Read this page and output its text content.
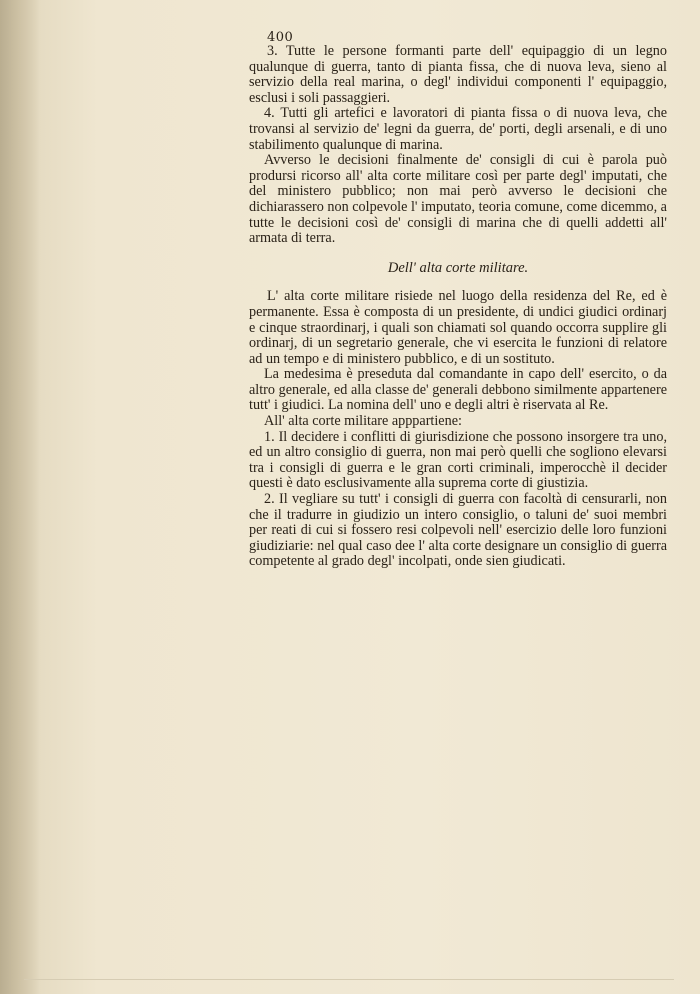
400

3. Tutte le persone formanti parte dell' equipaggio di un legno qualunque di guerra, tanto di pianta fissa, che di nuova leva, sieno al servizio della real marina, o degl' individui componenti l' equipaggio, esclusi i soli passaggieri.

4. Tutti gli artefici e lavoratori di pianta fissa o di nuova leva, che trovansi al servizio de' legni da guerra, de' porti, degli arsenali, e di uno stabilimento qualunque di marina.

Avverso le decisioni finalmente de' consigli di cui è parola può prodursi ricorso all' alta corte militare così per parte degl' imputati, che del ministero pubblico; non mai però avverso le decisioni che dichiarassero non colpevole l' imputato, teoria comune, come dicemmo, a tutte le decisioni così de' consigli di marina che di quelli addetti all' armata di terra.

Dell' alta corte militare.

L' alta corte militare risiede nel luogo della residenza del Re, ed è permanente. Essa è composta di un presidente, di undici giudici ordinarj e cinque straordinarj, i quali son chiamati sol quando occorra supplire gli ordinarj, di un segretario generale, che vi esercita le funzioni di relatore ad un tempo e di ministero pubblico, e di un sostituto.

La medesima è preseduta dal comandante in capo dell' esercito, o da altro generale, ed alla classe de' generali debbono similmente appartenere tutt' i giudici. La nomina dell' uno e degli altri è riservata al Re.

All' alta corte militare apppartiene:

1. Il decidere i conflitti di giurisdizione che possono insorgere tra uno, ed un altro consiglio di guerra, non mai però quelli che sogliono elevarsi tra i consigli di guerra e le gran corti criminali, imperocchè il decider questi è dato esclusivamente alla suprema corte di giustizia.

2. Il vegliare su tutt' i consigli di guerra con facoltà di censurarli, non che il tradurre in giudizio un intero consiglio, o taluni de' suoi membri per reati di cui si fossero resi colpevoli nell' esercizio delle loro funzioni giudiziarie: nel qual caso dee l' alta corte designare un consiglio di guerra competente al grado degl' incolpati, onde sien giudicati.
